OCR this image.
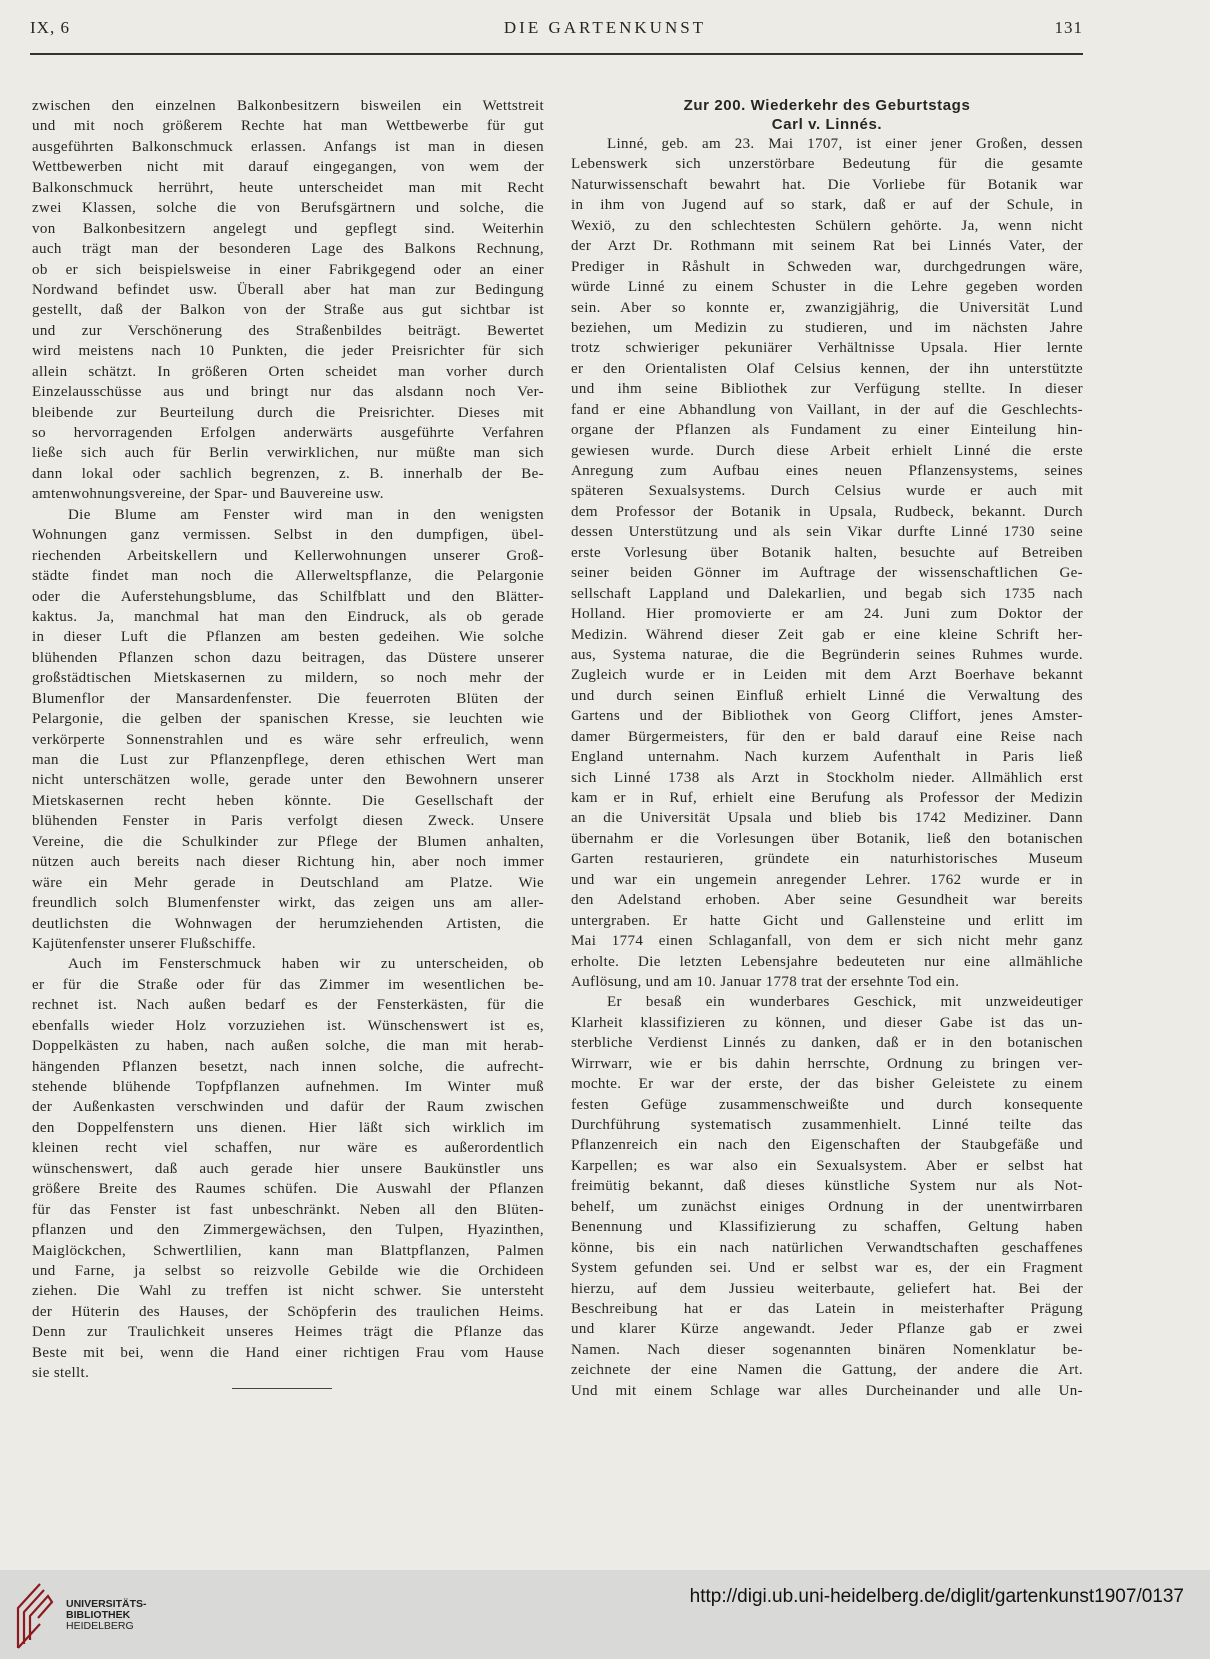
IX, 6	DIE GARTENKUNST	131
zwischen den einzelnen Balkonbesitzern bisweilen ein Wettstreit
und mit noch größerem Rechte hat man Wettbewerbe für gut
ausgeführten Balkonschmuck erlassen. Anfangs ist man in diesen
Wettbewerben nicht mit darauf eingegangen, von wem der
Balkonschmuck herrührt, heute unterscheidet man mit Recht
zwei Klassen, solche die von Berufsgärtnern und solche, die
von Balkonbesitzern angelegt und gepflegt sind. Weiterhin
auch trägt man der besonderen Lage des Balkons Rechnung,
ob er sich beispielsweise in einer Fabrikgegend oder an einer
Nordwand befindet usw. Überall aber hat man zur Bedingung
gestellt, daß der Balkon von der Straße aus gut sichtbar ist
und zur Verschönerung des Straßenbildes beiträgt. Bewertet
wird meistens nach 10 Punkten, die jeder Preisrichter für sich
allein schätzt. In größeren Orten scheidet man vorher durch
Einzelausschüsse aus und bringt nur das alsdann noch Ver-
bleibende zur Beurteilung durch die Preisrichter. Dieses mit
so hervorragenden Erfolgen anderwärts ausgeführte Verfahren
ließe sich auch für Berlin verwirklichen, nur müßte man sich
dann lokal oder sachlich begrenzen, z. B. innerhalb der Be-
amtenwohnungsvereine, der Spar- und Bauvereine usw.
Die Blume am Fenster wird man in den wenigsten
Wohnungen ganz vermissen. Selbst in den dumpfigen, übel-
riechenden Arbeitskellern und Kellerwohnungen unserer Groß-
städte findet man noch die Allerweltspflanze, die Pelargonie
oder die Auferstehungsblume, das Schilfblatt und den Blätter-
kaktus. Ja, manchmal hat man den Eindruck, als ob gerade
in dieser Luft die Pflanzen am besten gedeihen. Wie solche
blühenden Pflanzen schon dazu beitragen, das Düstere unserer
großstädtischen Mietskasernen zu mildern, so noch mehr der
Blumenflor der Mansardenfenster. Die feuerroten Blüten der
Pelargonie, die gelben der spanischen Kresse, sie leuchten wie
verkörperte Sonnenstrahlen und es wäre sehr erfreulich, wenn
man die Lust zur Pflanzenpflege, deren ethischen Wert man
nicht unterschätzen wolle, gerade unter den Bewohnern unserer
Mietskasernen recht heben könnte. Die Gesellschaft der
blühenden Fenster in Paris verfolgt diesen Zweck. Unsere
Vereine, die die Schulkinder zur Pflege der Blumen anhalten,
nützen auch bereits nach dieser Richtung hin, aber noch immer
wäre ein Mehr gerade in Deutschland am Platze. Wie
freundlich solch Blumenfenster wirkt, das zeigen uns am aller-
deutlichsten die Wohnwagen der herumziehenden Artisten, die
Kajütenfenster unserer Flußschiffe.
Auch im Fensterschmuck haben wir zu unterscheiden, ob
er für die Straße oder für das Zimmer im wesentlichen be-
rechnet ist. Nach außen bedarf es der Fensterkästen, für die
ebenfalls wieder Holz vorzuziehen ist. Wünschenswert ist es,
Doppelkästen zu haben, nach außen solche, die man mit herab-
hängenden Pflanzen besetzt, nach innen solche, die aufrecht-
stehende blühende Topfpflanzen aufnehmen. Im Winter muß
der Außenkasten verschwinden und dafür der Raum zwischen
den Doppelfenstern uns dienen. Hier läßt sich wirklich im
kleinen recht viel schaffen, nur wäre es außerordentlich
wünschenswert, daß auch gerade hier unsere Baukünstler uns
größere Breite des Raumes schüfen. Die Auswahl der Pflanzen
für das Fenster ist fast unbeschränkt. Neben all den Blüten-
pflanzen und den Zimmergewächsen, den Tulpen, Hyazinthen,
Maiglöckchen, Schwertlilien, kann man Blattpflanzen, Palmen
und Farne, ja selbst so reizvolle Gebilde wie die Orchideen
ziehen. Die Wahl zu treffen ist nicht schwer. Sie untersteht
der Hüterin des Hauses, der Schöpferin des traulichen Heims.
Denn zur Traulichkeit unseres Heimes trägt die Pflanze das
Beste mit bei, wenn die Hand einer richtigen Frau vom Hause
sie stellt.
Zur 200. Wiederkehr des Geburtstags
Carl v. Linnés.
Linné, geb. am 23. Mai 1707, ist einer jener Großen, dessen
Lebenswerk sich unzerstörbare Bedeutung für die gesamte
Naturwissenschaft bewahrt hat. Die Vorliebe für Botanik war
in ihm von Jugend auf so stark, daß er auf der Schule, in
Wexiö, zu den schlechtesten Schülern gehörte. Ja, wenn nicht
der Arzt Dr. Rothmann mit seinem Rat bei Linnés Vater, der
Prediger in Råshult in Schweden war, durchgedrungen wäre,
würde Linné zu einem Schuster in die Lehre gegeben worden
sein. Aber so konnte er, zwanzigjährig, die Universität Lund
beziehen, um Medizin zu studieren, und im nächsten Jahre
trotz schwieriger pekuniärer Verhältnisse Upsala. Hier lernte
er den Orientalisten Olaf Celsius kennen, der ihn unterstützte
und ihm seine Bibliothek zur Verfügung stellte. In dieser
fand er eine Abhandlung von Vaillant, in der auf die Geschlechts-
organe der Pflanzen als Fundament zu einer Einteilung hin-
gewiesen wurde. Durch diese Arbeit erhielt Linné die erste
Anregung zum Aufbau eines neuen Pflanzensystems, seines
späteren Sexualsystems. Durch Celsius wurde er auch mit
dem Professor der Botanik in Upsala, Rudbeck, bekannt. Durch
dessen Unterstützung und als sein Vikar durfte Linné 1730 seine
erste Vorlesung über Botanik halten, besuchte auf Betreiben
seiner beiden Gönner im Auftrage der wissenschaftlichen Ge-
sellschaft Lappland und Dalekarlien, und begab sich 1735 nach
Holland. Hier promovierte er am 24. Juni zum Doktor der
Medizin. Während dieser Zeit gab er eine kleine Schrift her-
aus, Systema naturae, die die Begründerin seines Ruhmes wurde.
Zugleich wurde er in Leiden mit dem Arzt Boerhave bekannt
und durch seinen Einfluß erhielt Linné die Verwaltung des
Gartens und der Bibliothek von Georg Cliffort, jenes Amster-
damer Bürgermeisters, für den er bald darauf eine Reise nach
England unternahm. Nach kurzem Aufenthalt in Paris ließ
sich Linné 1738 als Arzt in Stockholm nieder. Allmählich erst
kam er in Ruf, erhielt eine Berufung als Professor der Medizin
an die Universität Upsala und blieb bis 1742 Mediziner. Dann
übernahm er die Vorlesungen über Botanik, ließ den botanischen
Garten restaurieren, gründete ein naturhistorisches Museum
und war ein ungemein anregender Lehrer. 1762 wurde er in
den Adelstand erhoben. Aber seine Gesundheit war bereits
untergraben. Er hatte Gicht und Gallensteine und erlitt im
Mai 1774 einen Schlaganfall, von dem er sich nicht mehr ganz
erholte. Die letzten Lebensjahre bedeuteten nur eine allmähliche
Auflösung, und am 10. Januar 1778 trat der ersehnte Tod ein.
Er besaß ein wunderbares Geschick, mit unzweideutiger
Klarheit klassifizieren zu können, und dieser Gabe ist das un-
sterbliche Verdienst Linnés zu danken, daß er in den botanischen
Wirrwarr, wie er bis dahin herrschte, Ordnung zu bringen ver-
mochte. Er war der erste, der das bisher Geleistete zu einem
festen Gefüge zusammenschweißte und durch konsequente
Durchführung systematisch zusammenhielt. Linné teilte das
Pflanzenreich ein nach den Eigenschaften der Staubgefäße und
Karpellen; es war also ein Sexualsystem. Aber er selbst hat
freimütig bekannt, daß dieses künstliche System nur als Not-
behelf, um zunächst einiges Ordnung in der unentwirrbaren
Benennung und Klassifizierung zu schaffen, Geltung haben
könne, bis ein nach natürlichen Verwandtschaften geschaffenes
System gefunden sei. Und er selbst war es, der ein Fragment
hierzu, auf dem Jussieu weiterbaute, geliefert hat. Bei der
Beschreibung hat er das Latein in meisterhafter Prägung
und klarer Kürze angewandt. Jeder Pflanze gab er zwei
Namen. Nach dieser sogenannten binären Nomenklatur be-
zeichnete der eine Namen die Gattung, der andere die Art.
Und mit einem Schlage war alles Durcheinander und alle Un-
UNIVERSITÄTS-
BIBLIOTHEK
HEIDELBERG
http://digi.ub.uni-heidelberg.de/diglit/gartenkunst1907/0137
